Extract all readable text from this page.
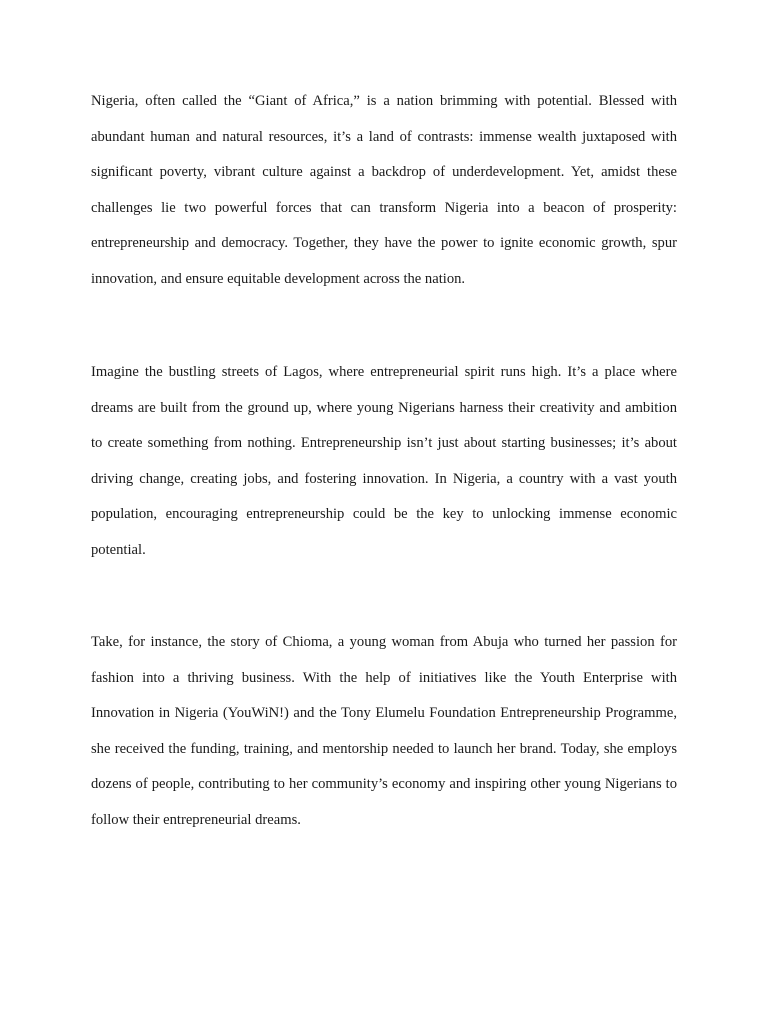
Nigeria, often called the “Giant of Africa,” is a nation brimming with potential. Blessed with abundant human and natural resources, it’s a land of contrasts: immense wealth juxtaposed with significant poverty, vibrant culture against a backdrop of underdevelopment. Yet, amidst these challenges lie two powerful forces that can transform Nigeria into a beacon of prosperity: entrepreneurship and democracy. Together, they have the power to ignite economic growth, spur innovation, and ensure equitable development across the nation.

Imagine the bustling streets of Lagos, where entrepreneurial spirit runs high. It’s a place where dreams are built from the ground up, where young Nigerians harness their creativity and ambition to create something from nothing. Entrepreneurship isn’t just about starting businesses; it’s about driving change, creating jobs, and fostering innovation. In Nigeria, a country with a vast youth population, encouraging entrepreneurship could be the key to unlocking immense economic potential.

Take, for instance, the story of Chioma, a young woman from Abuja who turned her passion for fashion into a thriving business. With the help of initiatives like the Youth Enterprise with Innovation in Nigeria (YouWiN!) and the Tony Elumelu Foundation Entrepreneurship Programme, she received the funding, training, and mentorship needed to launch her brand. Today, she employs dozens of people, contributing to her community’s economy and inspiring other young Nigerians to follow their entrepreneurial dreams.
